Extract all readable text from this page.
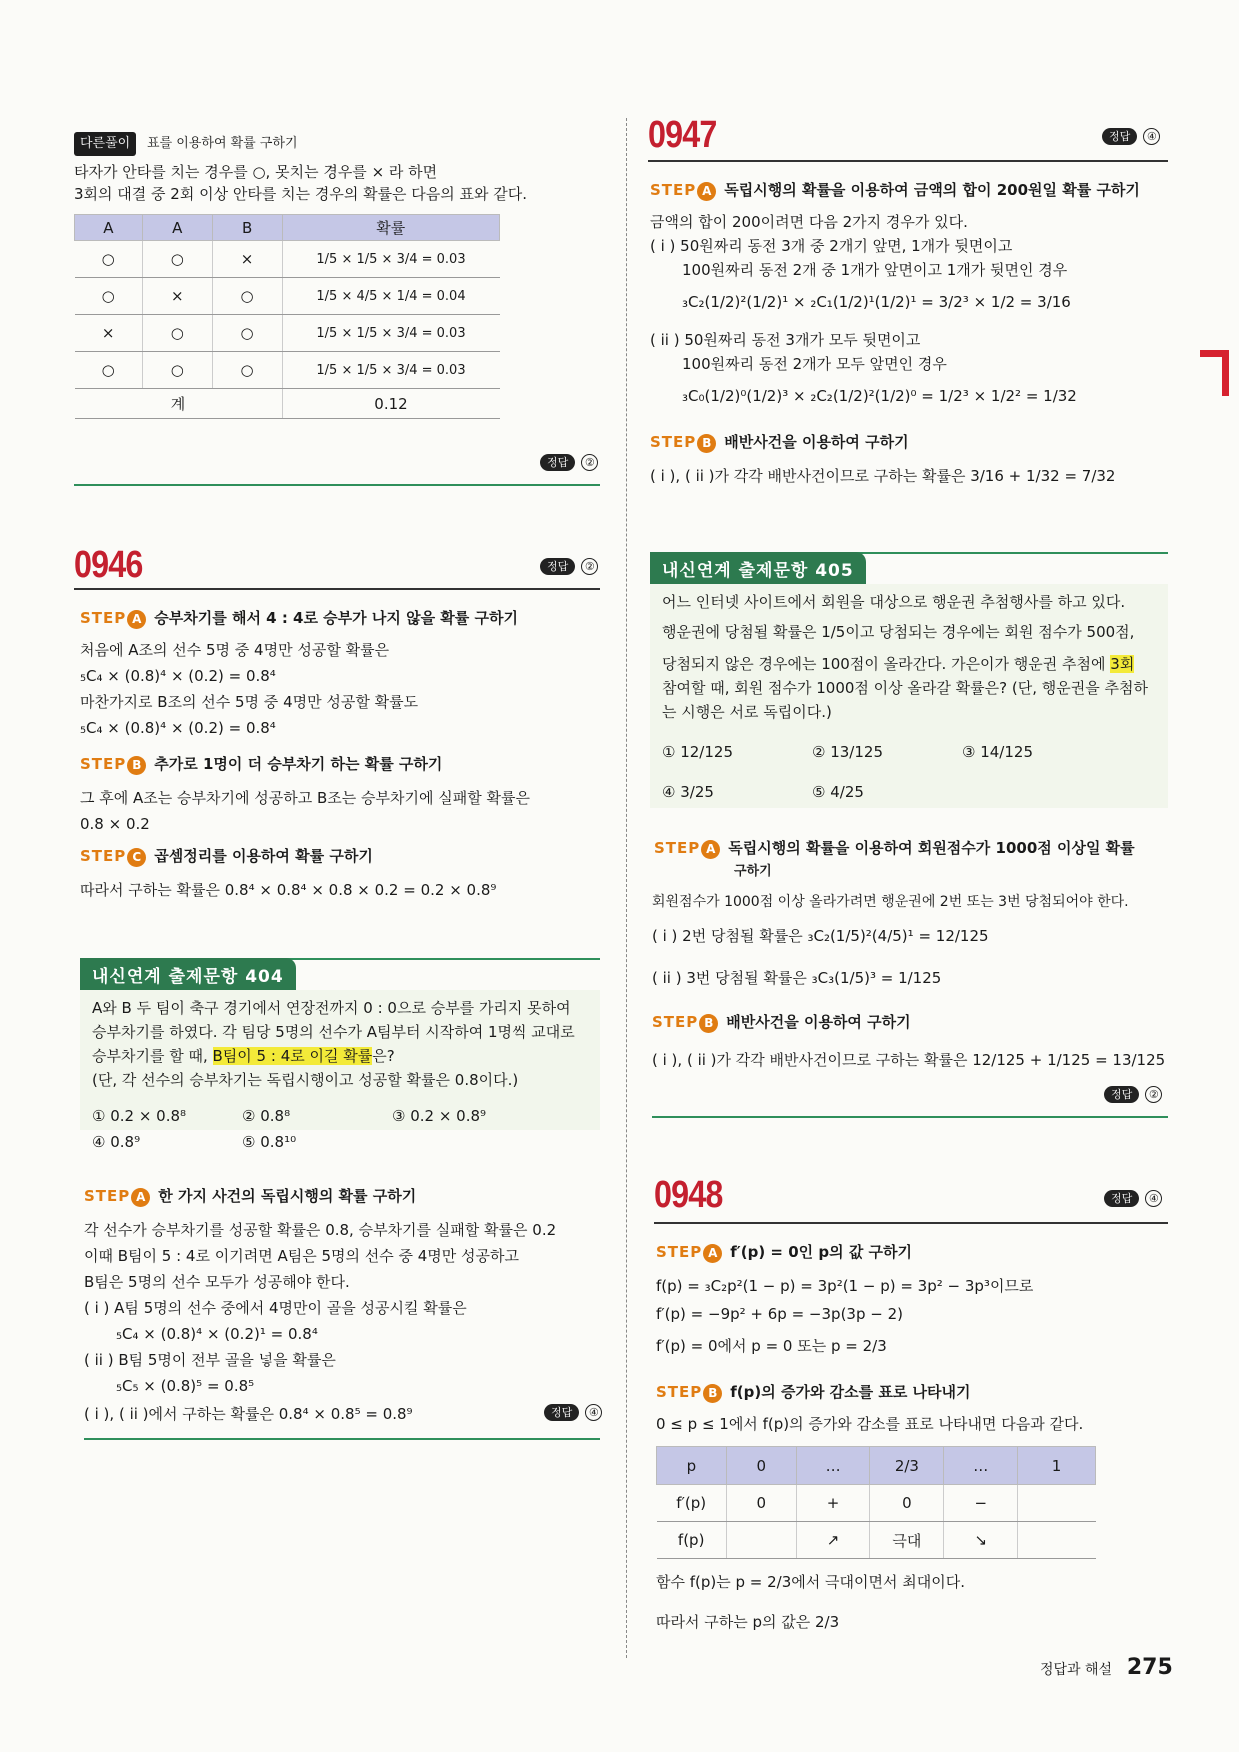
다른풀이 표를 이용하여 확률 구하기
타자가 안타를 치는 경우를 ○, 못치는 경우를 × 라 하면
3회의 대결 중 2회 이상 안타를 치는 경우의 확률은 다음의 표와 같다.
A	A	B	확률
○	○	×	1/5 × 1/5 × 3/4 = 0.03
○	×	○	1/5 × 4/5 × 1/4 = 0.04
×	○	○	1/5 × 1/5 × 3/4 = 0.03
○	○	○	1/5 × 1/5 × 3/4 = 0.03
계			0.12
정답 ②
0946	정답 ②
STEP A 승부차기를 해서 4 : 4로 승부가 나지 않을 확률 구하기
처음에 A조의 선수 5명 중 4명만 성공할 확률은
₅C₄ × (0.8)⁴ × (0.2) = 0.8⁴
마찬가지로 B조의 선수 5명 중 4명만 성공할 확률도
₅C₄ × (0.8)⁴ × (0.2) = 0.8⁴
STEP B 추가로 1명이 더 승부차기 하는 확률 구하기
그 후에 A조는 승부차기에 성공하고 B조는 승부차기에 실패할 확률은
0.8 × 0.2
STEP C 곱셈정리를 이용하여 확률 구하기
따라서 구하는 확률은 0.8⁴ × 0.8⁴ × 0.8 × 0.2 = 0.2 × 0.8⁹
내신연계 출제문항 404
A와 B 두 팀이 축구 경기에서 연장전까지 0 : 0으로 승부를 가리지 못하여
승부차기를 하였다. 각 팀당 5명의 선수가 A팀부터 시작하여 1명씩 교대로
승부차기를 할 때, B팀이 5 : 4로 이길 확률은?
(단, 각 선수의 승부차기는 독립시행이고 성공할 확률은 0.8이다.)
① 0.2 × 0.8⁸	② 0.8⁸	③ 0.2 × 0.8⁹
④ 0.8⁹	⑤ 0.8¹⁰
STEP A 한 가지 사건의 독립시행의 확률 구하기
각 선수가 승부차기를 성공할 확률은 0.8, 승부차기를 실패할 확률은 0.2
이때 B팀이 5 : 4로 이기려면 A팀은 5명의 선수 중 4명만 성공하고
B팀은 5명의 선수 모두가 성공해야 한다.
( i ) A팀 5명의 선수 중에서 4명만이 골을 성공시킬 확률은
₅C₄ × (0.8)⁴ × (0.2)¹ = 0.8⁴
( ii ) B팀 5명이 전부 골을 넣을 확률은
₅C₅ × (0.8)⁵ = 0.8⁵
( i ), ( ii )에서 구하는 확률은 0.8⁴ × 0.8⁵ = 0.8⁹	정답 ④
0947	정답 ④
STEP A 독립시행의 확률을 이용하여 금액의 합이 200원일 확률 구하기
금액의 합이 200이려면 다음 2가지 경우가 있다.
( i ) 50원짜리 동전 3개 중 2개기 앞면, 1개가 뒷면이고
100원짜리 동전 2개 중 1개가 앞면이고 1개가 뒷면인 경우
₃C₂(1/2)²(1/2)¹ × ₂C₁(1/2)¹(1/2)¹ = 3/2³ × 1/2 = 3/16
( ii ) 50원짜리 동전 3개가 모두 뒷면이고
100원짜리 동전 2개가 모두 앞면인 경우
₃C₀(1/2)⁰(1/2)³ × ₂C₂(1/2)²(1/2)⁰ = 1/2³ × 1/2² = 1/32
STEP B 배반사건을 이용하여 구하기
( i ), ( ii )가 각각 배반사건이므로 구하는 확률은 3/16 + 1/32 = 7/32
내신연계 출제문항 405
어느 인터넷 사이트에서 회원을 대상으로 행운권 추첨행사를 하고 있다.
행운권에 당첨될 확률은 1/5이고 당첨되는 경우에는 회원 점수가 500점,
당첨되지 않은 경우에는 100점이 올라간다. 가은이가 행운권 추첨에 3회
참여할 때, 회원 점수가 1000점 이상 올라갈 확률은? (단, 행운권을 추첨하
는 시행은 서로 독립이다.)
① 12/125	② 13/125	③ 14/125
④ 3/25	⑤ 4/25
STEP A 독립시행의 확률을 이용하여 회원점수가 1000점 이상일 확률
구하기
회원점수가 1000점 이상 올라가려면 행운권에 2번 또는 3번 당첨되어야 한다.
( i ) 2번 당첨될 확률은 ₃C₂(1/5)²(4/5)¹ = 12/125
( ii ) 3번 당첨될 확률은 ₃C₃(1/5)³ = 1/125
STEP B 배반사건을 이용하여 구하기
( i ), ( ii )가 각각 배반사건이므로 구하는 확률은 12/125 + 1/125 = 13/125
정답 ②
0948	정답 ④
STEP A f′(p) = 0인 p의 값 구하기
f(p) = ₃C₂p²(1 − p) = 3p²(1 − p) = 3p² − 3p³이므로
f′(p) = −9p² + 6p = −3p(3p − 2)
f′(p) = 0에서 p = 0 또는 p = 2/3
STEP B f(p)의 증가와 감소를 표로 나타내기
0 ≤ p ≤ 1에서 f(p)의 증가와 감소를 표로 나타내면 다음과 같다.
p	0	…	2/3	…	1
f′(p)	0	+	0	−	
f(p)		↗	극대	↘	
함수 f(p)는 p = 2/3에서 극대이면서 최대이다.
따라서 구하는 p의 값은 2/3
정답과 해설 275
